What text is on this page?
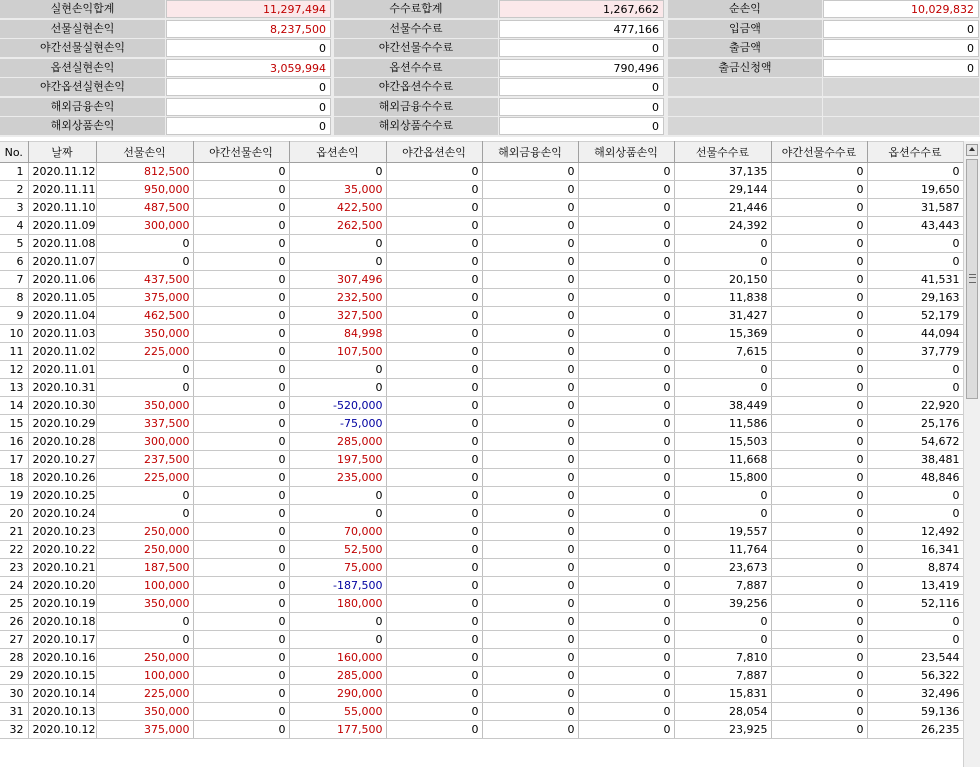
실현손익합계	11,297,494	수수료합계	1,267,662	순손익	10,029,832
선물실현손익	8,237,500	선물수수료	477,166	입금액	0
야간선물실현손익	0	야간선물수수료	0	출금액	0
옵션실현손익	3,059,994	옵션수수료	790,496	출금신청액	0
야간옵션실현손익	0	야간옵션수수료	0
해외금융손익	0	해외금융수수료	0
해외상품손익	0	해외상품수수료	0
No.	날짜	선물손익	야간선물손익	옵션손익	야간옵션손익	해외금융손익	해외상품손익	선물수수료	야간선물수수료	옵션수수료
1	2020.11.12	812,500	0	0	0	0	0	37,135	0	0
2	2020.11.11	950,000	0	35,000	0	0	0	29,144	0	19,650
3	2020.11.10	487,500	0	422,500	0	0	0	21,446	0	31,587
4	2020.11.09	300,000	0	262,500	0	0	0	24,392	0	43,443
5	2020.11.08	0	0	0	0	0	0	0	0	0
6	2020.11.07	0	0	0	0	0	0	0	0	0
7	2020.11.06	437,500	0	307,496	0	0	0	20,150	0	41,531
8	2020.11.05	375,000	0	232,500	0	0	0	11,838	0	29,163
9	2020.11.04	462,500	0	327,500	0	0	0	31,427	0	52,179
10	2020.11.03	350,000	0	84,998	0	0	0	15,369	0	44,094
11	2020.11.02	225,000	0	107,500	0	0	0	7,615	0	37,779
12	2020.11.01	0	0	0	0	0	0	0	0	0
13	2020.10.31	0	0	0	0	0	0	0	0	0
14	2020.10.30	350,000	0	-520,000	0	0	0	38,449	0	22,920
15	2020.10.29	337,500	0	-75,000	0	0	0	11,586	0	25,176
16	2020.10.28	300,000	0	285,000	0	0	0	15,503	0	54,672
17	2020.10.27	237,500	0	197,500	0	0	0	11,668	0	38,481
18	2020.10.26	225,000	0	235,000	0	0	0	15,800	0	48,846
19	2020.10.25	0	0	0	0	0	0	0	0	0
20	2020.10.24	0	0	0	0	0	0	0	0	0
21	2020.10.23	250,000	0	70,000	0	0	0	19,557	0	12,492
22	2020.10.22	250,000	0	52,500	0	0	0	11,764	0	16,341
23	2020.10.21	187,500	0	75,000	0	0	0	23,673	0	8,874
24	2020.10.20	100,000	0	-187,500	0	0	0	7,887	0	13,419
25	2020.10.19	350,000	0	180,000	0	0	0	39,256	0	52,116
26	2020.10.18	0	0	0	0	0	0	0	0	0
27	2020.10.17	0	0	0	0	0	0	0	0	0
28	2020.10.16	250,000	0	160,000	0	0	0	7,810	0	23,544
29	2020.10.15	100,000	0	285,000	0	0	0	7,887	0	56,322
30	2020.10.14	225,000	0	290,000	0	0	0	15,831	0	32,496
31	2020.10.13	350,000	0	55,000	0	0	0	28,054	0	59,136
32	2020.10.12	375,000	0	177,500	0	0	0	23,925	0	26,235
